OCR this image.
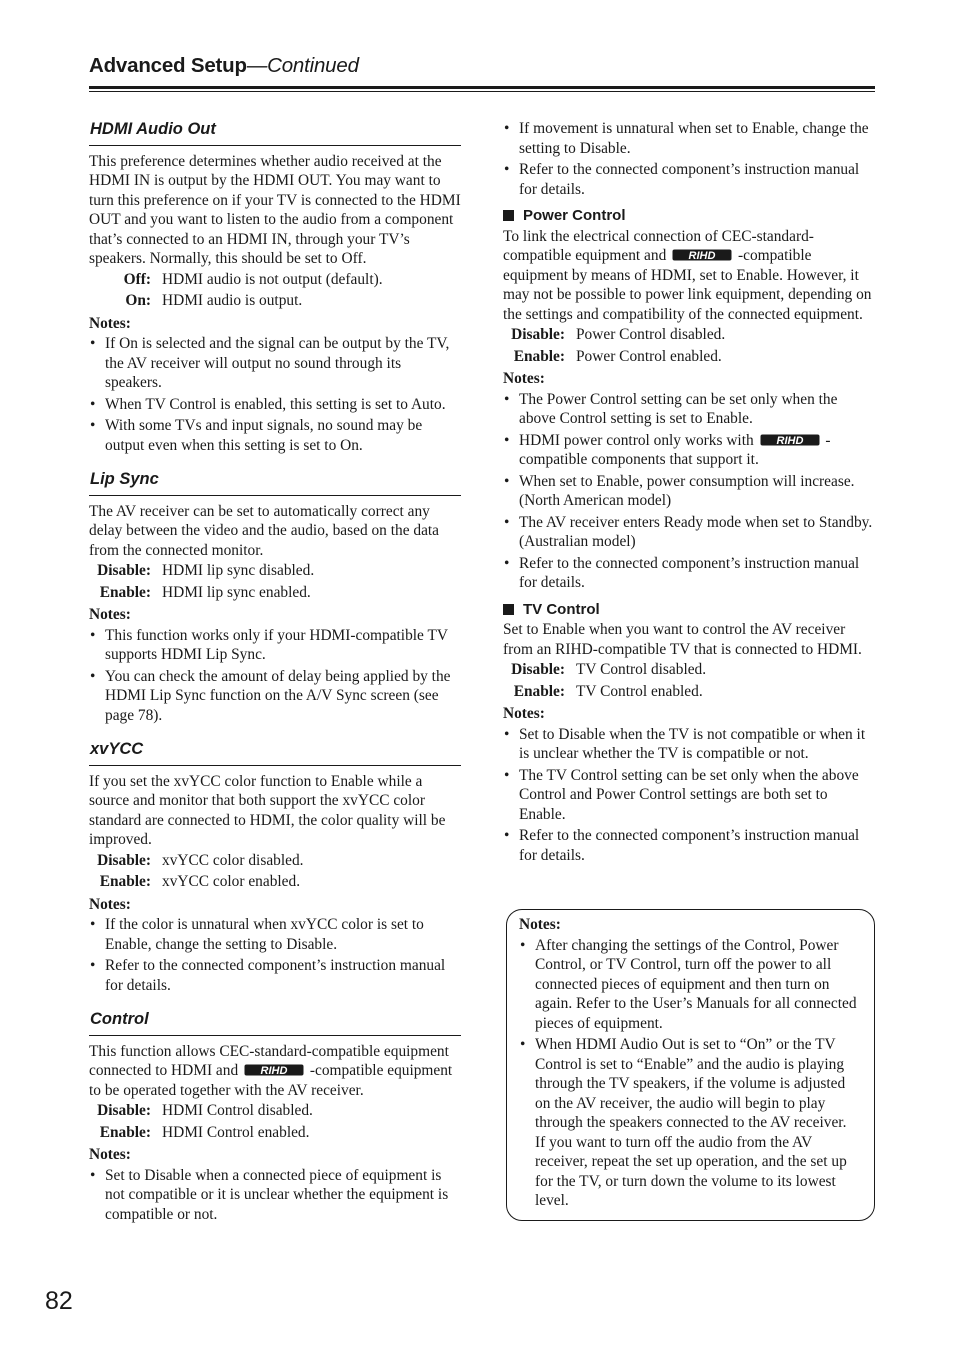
Advanced Setup—Continued
HDMI Audio Out

This preference determines whether audio received at the HDMI IN is output by the HDMI OUT. You may want to turn this preference on if your TV is connected to the HDMI OUT and you want to listen to the audio from a component that’s connected to an HDMI IN, through your TV’s speakers. Normally, this should be set to Off.

Off: HDMI audio is not output (default).
On: HDMI audio is output.
Notes:
• If On is selected and the signal can be output by the TV, the AV receiver will output no sound through its speakers.
• When TV Control is enabled, this setting is set to Auto.
• With some TVs and input signals, no sound may be output even when this setting is set to On.
Lip Sync

The AV receiver can be set to automatically correct any delay between the video and the audio, based on the data from the connected monitor.

Disable: HDMI lip sync disabled.
Enable: HDMI lip sync enabled.
Notes:
• This function works only if your HDMI-compatible TV supports HDMI Lip Sync.
• You can check the amount of delay being applied by the HDMI Lip Sync function on the A/V Sync screen (see page 78).
xvYCC

If you set the xvYCC color function to Enable while a source and monitor that both support the xvYCC color standard are connected to HDMI, the color quality will be improved.

Disable: xvYCC color disabled.
Enable: xvYCC color enabled.
Notes:
• If the color is unnatural when xvYCC color is set to Enable, change the setting to Disable.
• Refer to the connected component’s instruction manual for details.
Control

This function allows CEC-standard-compatible equipment connected to HDMI and RIHD -compatible equipment to be operated together with the AV receiver.

Disable: HDMI Control disabled.
Enable: HDMI Control enabled.
Notes:
• Set to Disable when a connected piece of equipment is not compatible or it is unclear whether the equipment is compatible or not.
• If movement is unnatural when set to Enable, change the setting to Disable.
• Refer to the connected component’s instruction manual for details.
Power Control

To link the electrical connection of CEC-standard-compatible equipment and RIHD -compatible equipment by means of HDMI, set to Enable. However, it may not be possible to power link equipment, depending on the settings and compatibility of the connected equipment.

Disable: Power Control disabled.
Enable: Power Control enabled.
Notes:
• The Power Control setting can be set only when the above Control setting is set to Enable.
• HDMI power control only works with RIHD -compatible components that support it.
• When set to Enable, power consumption will increase. (North American model)
• The AV receiver enters Ready mode when set to Standby. (Australian model)
• Refer to the connected component’s instruction manual for details.
TV Control

Set to Enable when you want to control the AV receiver from an RIHD-compatible TV that is connected to HDMI.

Disable: TV Control disabled.
Enable: TV Control enabled.
Notes:
• Set to Disable when the TV is not compatible or when it is unclear whether the TV is compatible or not.
• The TV Control setting can be set only when the above Control and Power Control settings are both set to Enable.
• Refer to the connected component’s instruction manual for details.
Notes:
• After changing the settings of the Control, Power Control, or TV Control, turn off the power to all connected pieces of equipment and then turn on again. Refer to the User’s Manuals for all connected pieces of equipment.
• When HDMI Audio Out is set to “On” or the TV Control is set to “Enable” and the audio is playing through the TV speakers, if the volume is adjusted on the AV receiver, the audio will begin to play through the speakers connected to the AV receiver. If you want to turn off the audio from the AV receiver, repeat the set up operation, and the set up for the TV, or turn down the volume to its lowest level.
82
